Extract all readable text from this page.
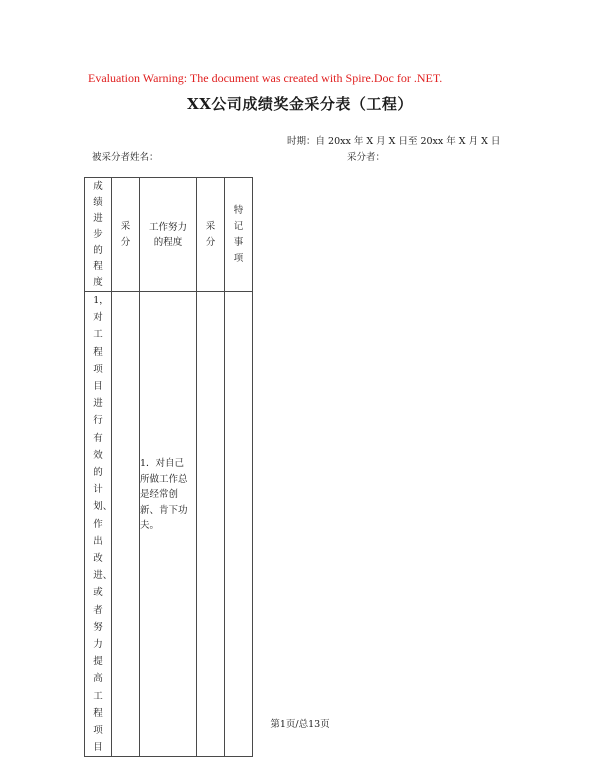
Evaluation Warning: The document was created with Spire.Doc for .NET.
XX公司成绩奖金采分表（工程）
时期：自 20xx 年 X 月 X 日至 20xx 年 X 月 X 日
被采分者姓名：	采分者：
成绩进步的程度	采分	工作努力的程度	采分	特记事项

1，对工程项目进行有效的计划、作出改进、或者努力提高工程项目		1．对自己所做工作总是经常创新、肯下功夫。		

第1页/总13页
